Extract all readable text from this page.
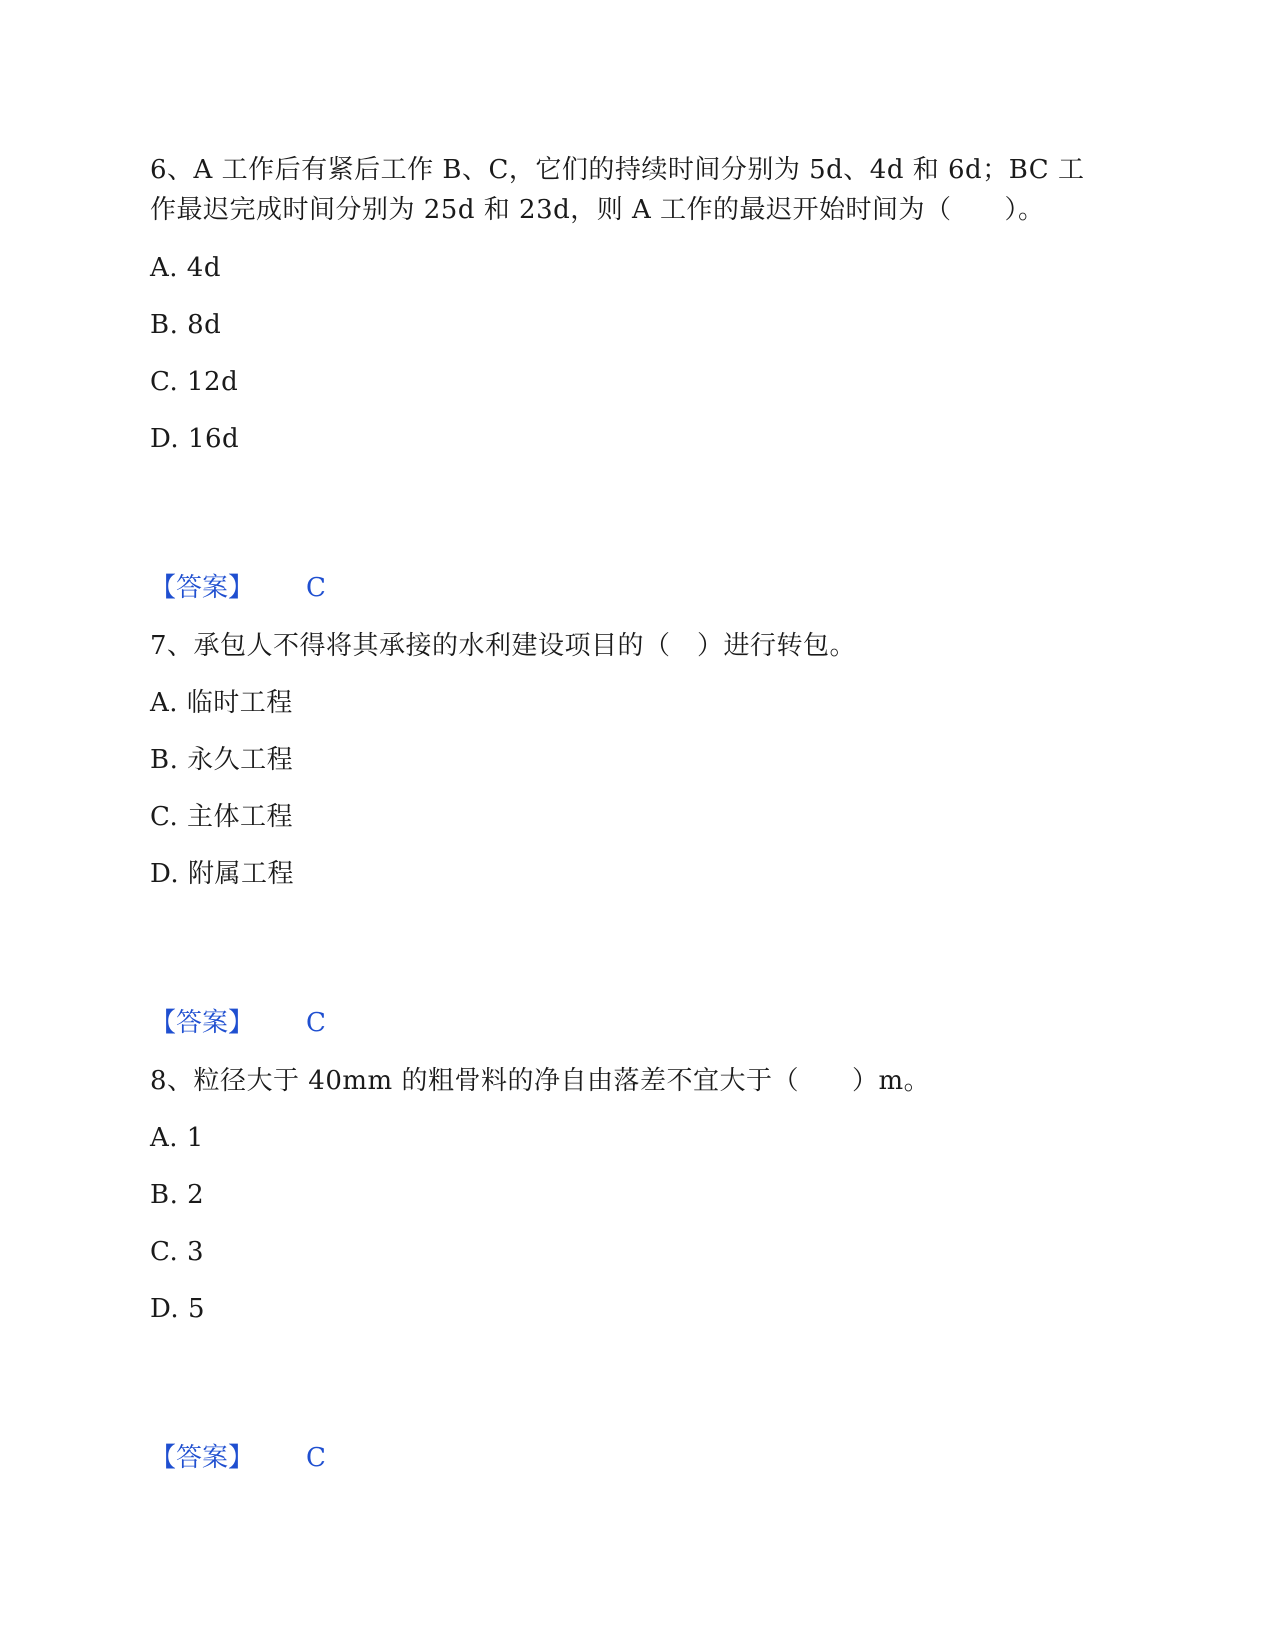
6、A 工作后有紧后工作 B、C，它们的持续时间分别为 5d、4d 和 6d；BC 工
作最迟完成时间分别为 25d 和 23d，则 A 工作的最迟开始时间为（　　）。
A. 4d
B. 8d
C. 12d
D. 16d
【答案】 C
7、承包人不得将其承接的水利建设项目的（　）进行转包。
A. 临时工程
B. 永久工程
C. 主体工程
D. 附属工程
【答案】 C
8、粒径大于 40mm 的粗骨料的净自由落差不宜大于（　　）m。
A. 1
B. 2
C. 3
D. 5
【答案】 C
